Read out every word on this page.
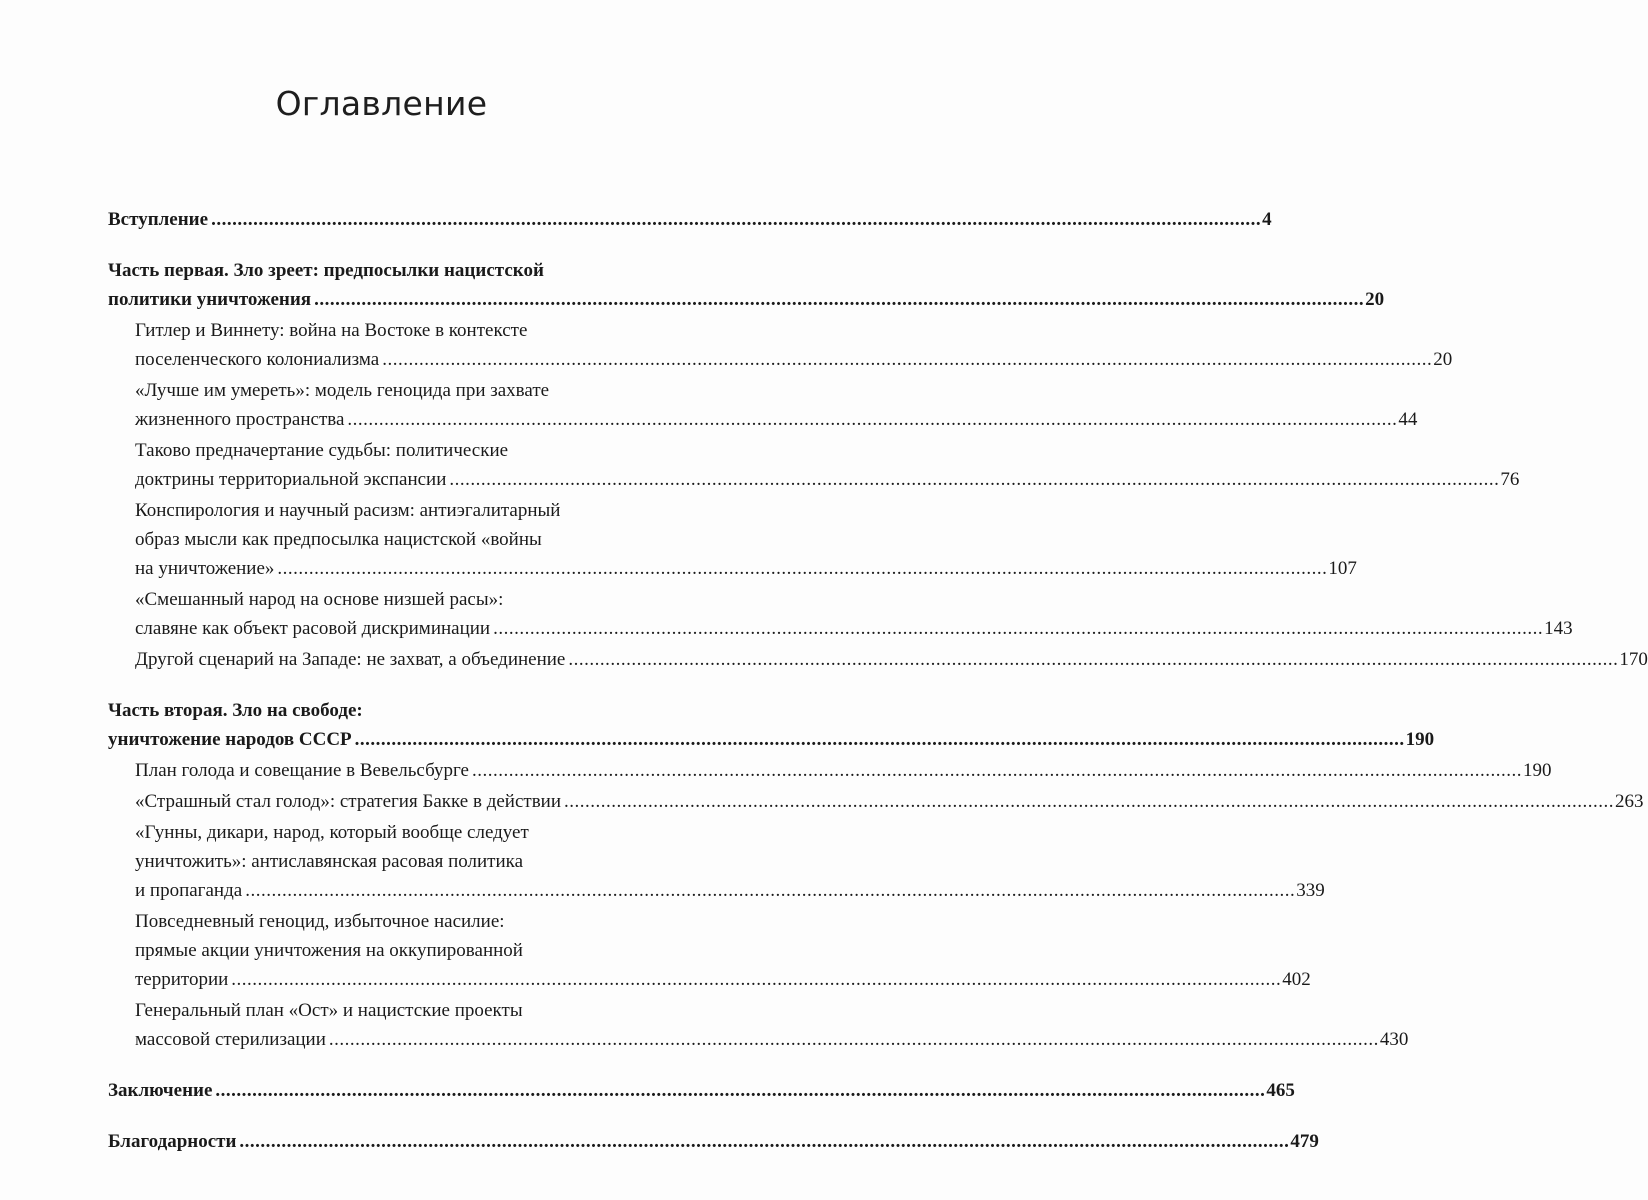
Оглавление
Вступление ........................................................................................................................................................................................................ 4
Часть первая. Зло зреет: предпосылки нацистской
политики уничтожения ........................................................................................................................................................................................................ 20
Гитлер и Виннету: война на Востоке в контексте
поселенческого колониализма ........................................................................................................................................................................................................ 20
«Лучше им умереть»: модель геноцида при захвате
жизненного пространства ........................................................................................................................................................................................................ 44
Таково предначертание судьбы: политические
доктрины территориальной экспансии ........................................................................................................................................................................................................ 76
Конспирология и научный расизм: антиэгалитарный
образ мысли как предпосылка нацистской «войны
на уничтожение» ........................................................................................................................................................................................................ 107
«Смешанный народ на основе низшей расы»:
славяне как объект расовой дискриминации ........................................................................................................................................................................................................ 143
Другой сценарий на Западе: не захват, а объединение ........................................................................................................................................................................................................ 170
Часть вторая. Зло на свободе:
уничтожение народов СССР ........................................................................................................................................................................................................ 190
План голода и совещание в Вевельсбурге ........................................................................................................................................................................................................ 190
«Страшный стал голод»: стратегия Бакке в действии ........................................................................................................................................................................................................ 263
«Гунны, дикари, народ, который вообще следует
уничтожить»: антиславянская расовая политика
и пропаганда ........................................................................................................................................................................................................ 339
Повседневный геноцид, избыточное насилие:
прямые акции уничтожения на оккупированной
территории ........................................................................................................................................................................................................ 402
Генеральный план «Ост» и нацистские проекты
массовой стерилизации ........................................................................................................................................................................................................ 430
Заключение ........................................................................................................................................................................................................ 465
Благодарности ........................................................................................................................................................................................................ 479
